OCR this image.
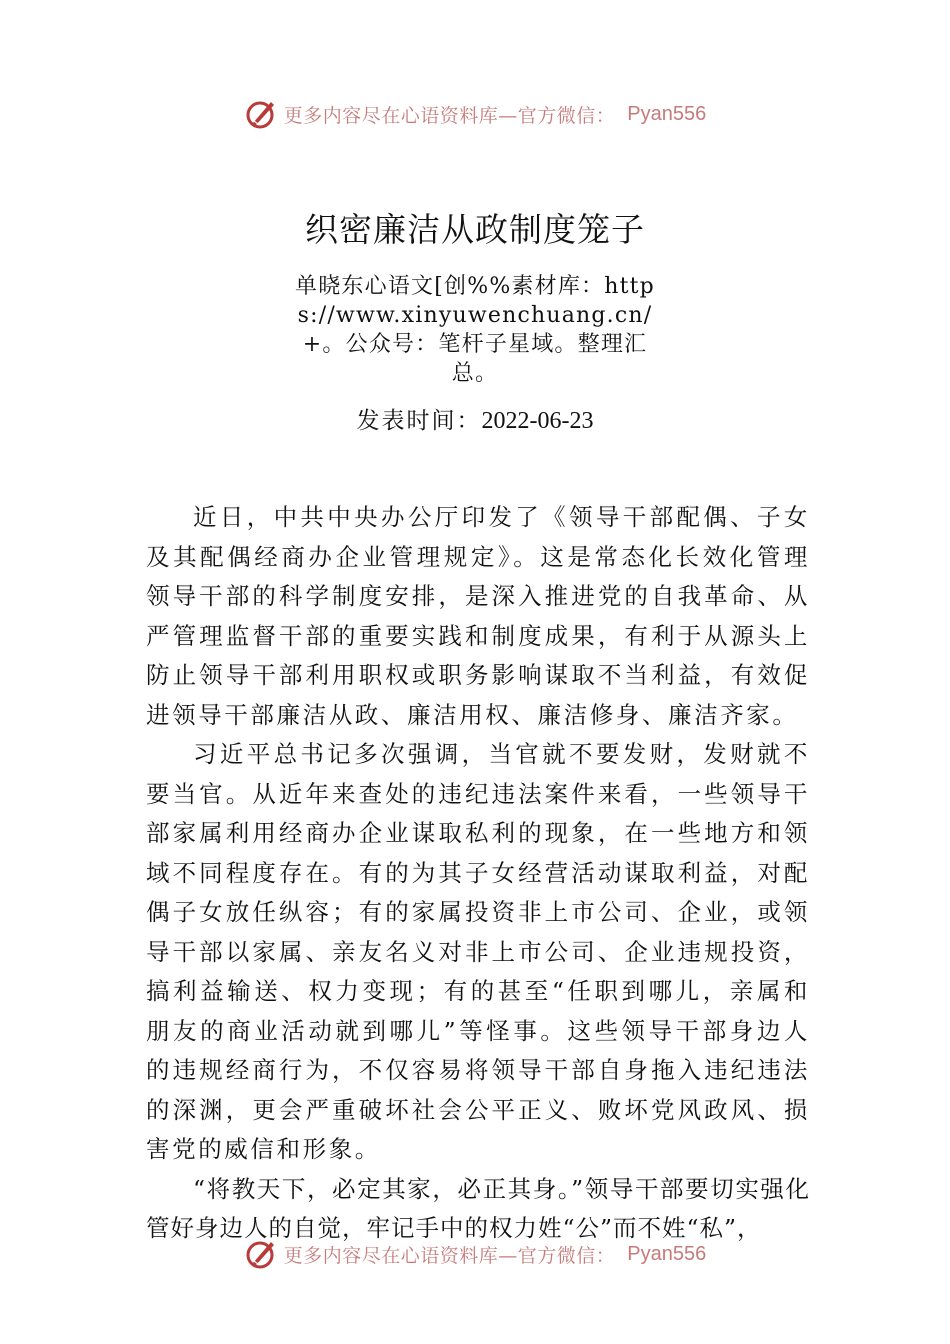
更多内容尽在心语资料库—官方微信： Pyan556
织密廉洁从政制度笼子
单晓东心语文[创%%素材库：https://www.xinyuwenchuang.cn/+。公众号：笔杆子星域。整理汇总。
发表时间：2022-06-23

近日，中共中央办公厅印发了《领导干部配偶、子女及其配偶经商办企业管理规定》。这是常态化长效化管理领导干部的科学制度安排，是深入推进党的自我革命、从严管理监督干部的重要实践和制度成果，有利于从源头上防止领导干部利用职权或职务影响谋取不当利益，有效促进领导干部廉洁从政、廉洁用权、廉洁修身、廉洁齐家。

习近平总书记多次强调，当官就不要发财，发财就不要当官。从近年来查处的违纪违法案件来看，一些领导干部家属利用经商办企业谋取私利的现象，在一些地方和领域不同程度存在。有的为其子女经营活动谋取利益，对配偶子女放任纵容；有的家属投资非上市公司、企业，或领导干部以家属、亲友名义对非上市公司、企业违规投资，搞利益输送、权力变现；有的甚至“任职到哪儿，亲属和朋友的商业活动就到哪儿”等怪事。这些领导干部身边人的违规经商行为，不仅容易将领导干部自身拖入违纪违法的深渊，更会严重破坏社会公平正义、败坏党风政风、损害党的威信和形象。

“将教天下，必定其家，必正其身。”领导干部要切实强化管好身边人的自觉，牢记手中的权力姓“公”而不姓“私”，

更多内容尽在心语资料库—官方微信： Pyan556
